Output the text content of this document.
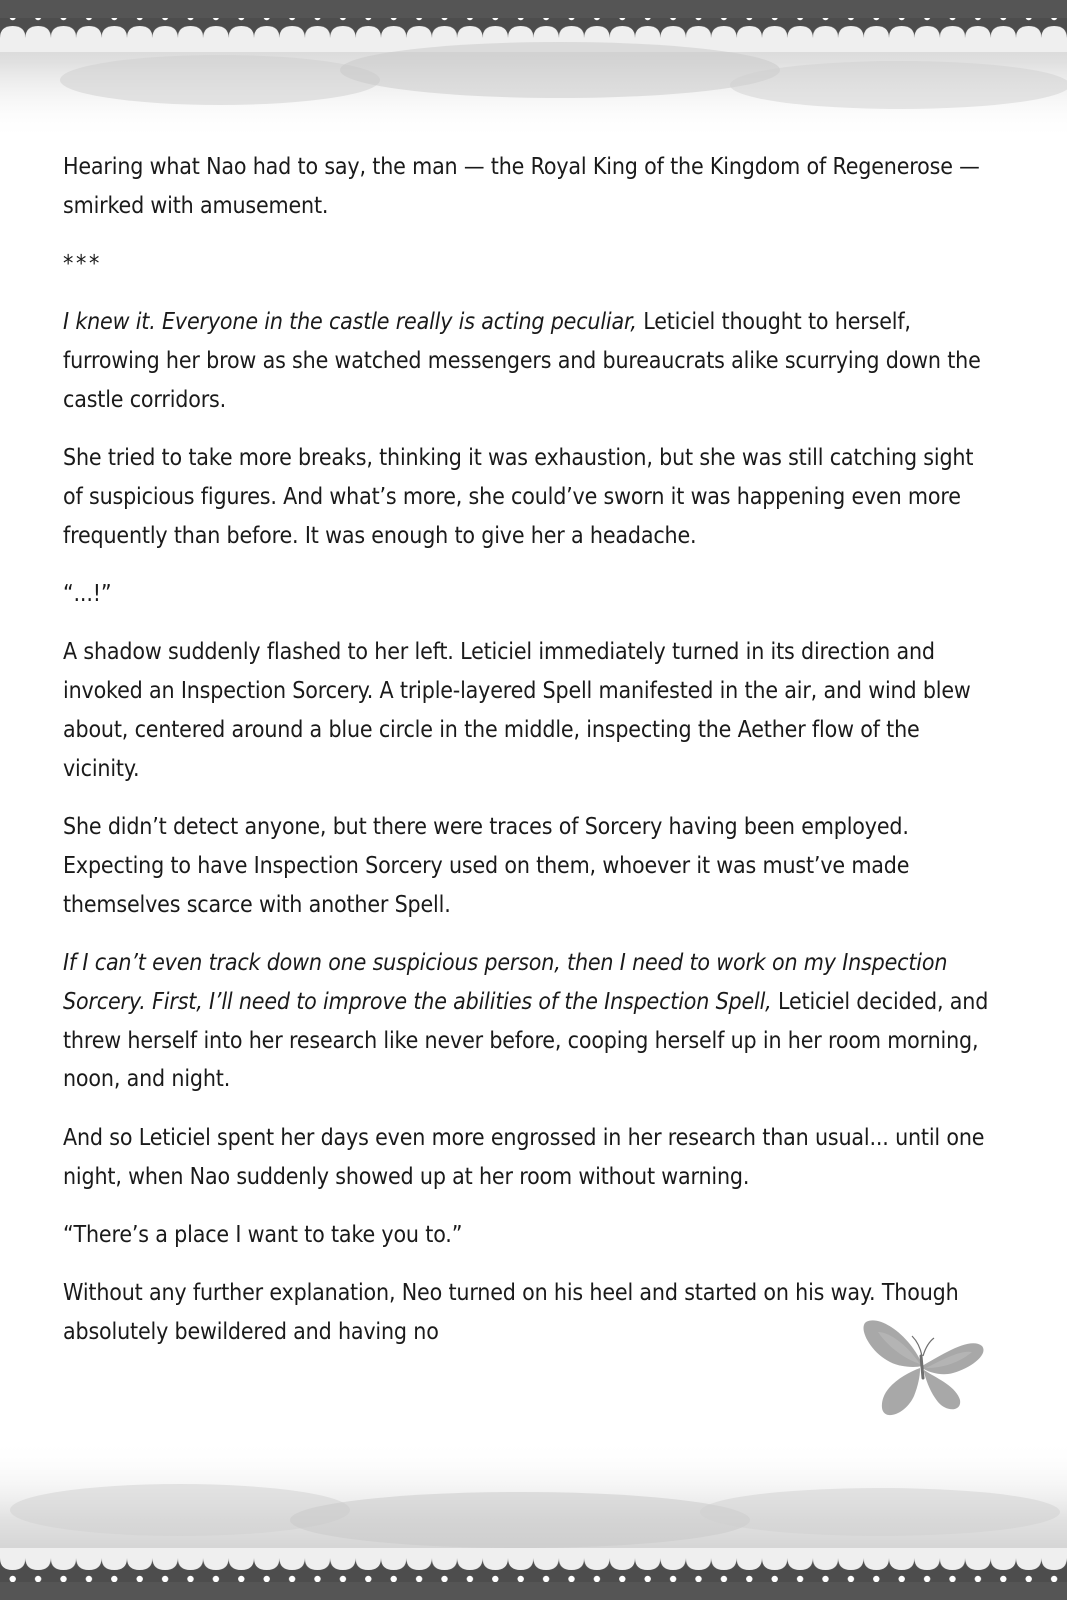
Hearing what Nao had to say, the man — the Royal King of the Kingdom of Regenerose — smirked with amusement.

***

I knew it. Everyone in the castle really is acting peculiar, Leticiel thought to herself, furrowing her brow as she watched messengers and bureaucrats alike scurrying down the castle corridors.

She tried to take more breaks, thinking it was exhaustion, but she was still catching sight of suspicious figures. And what’s more, she could’ve sworn it was happening even more frequently than before. It was enough to give her a headache.

“...!”

A shadow suddenly flashed to her left. Leticiel immediately turned in its direction and invoked an Inspection Sorcery. A triple-layered Spell manifested in the air, and wind blew about, centered around a blue circle in the middle, inspecting the Aether flow of the vicinity.

She didn’t detect anyone, but there were traces of Sorcery having been employed. Expecting to have Inspection Sorcery used on them, whoever it was must’ve made themselves scarce with another Spell.

If I can’t even track down one suspicious person, then I need to work on my Inspection Sorcery. First, I’ll need to improve the abilities of the Inspection Spell, Leticiel decided, and threw herself into her research like never before, cooping herself up in her room morning, noon, and night.

And so Leticiel spent her days even more engrossed in her research than usual... until one night, when Nao suddenly showed up at her room without warning.

“There’s a place I want to take you to.”

Without any further explanation, Neo turned on his heel and started on his way. Though absolutely bewildered and having no
